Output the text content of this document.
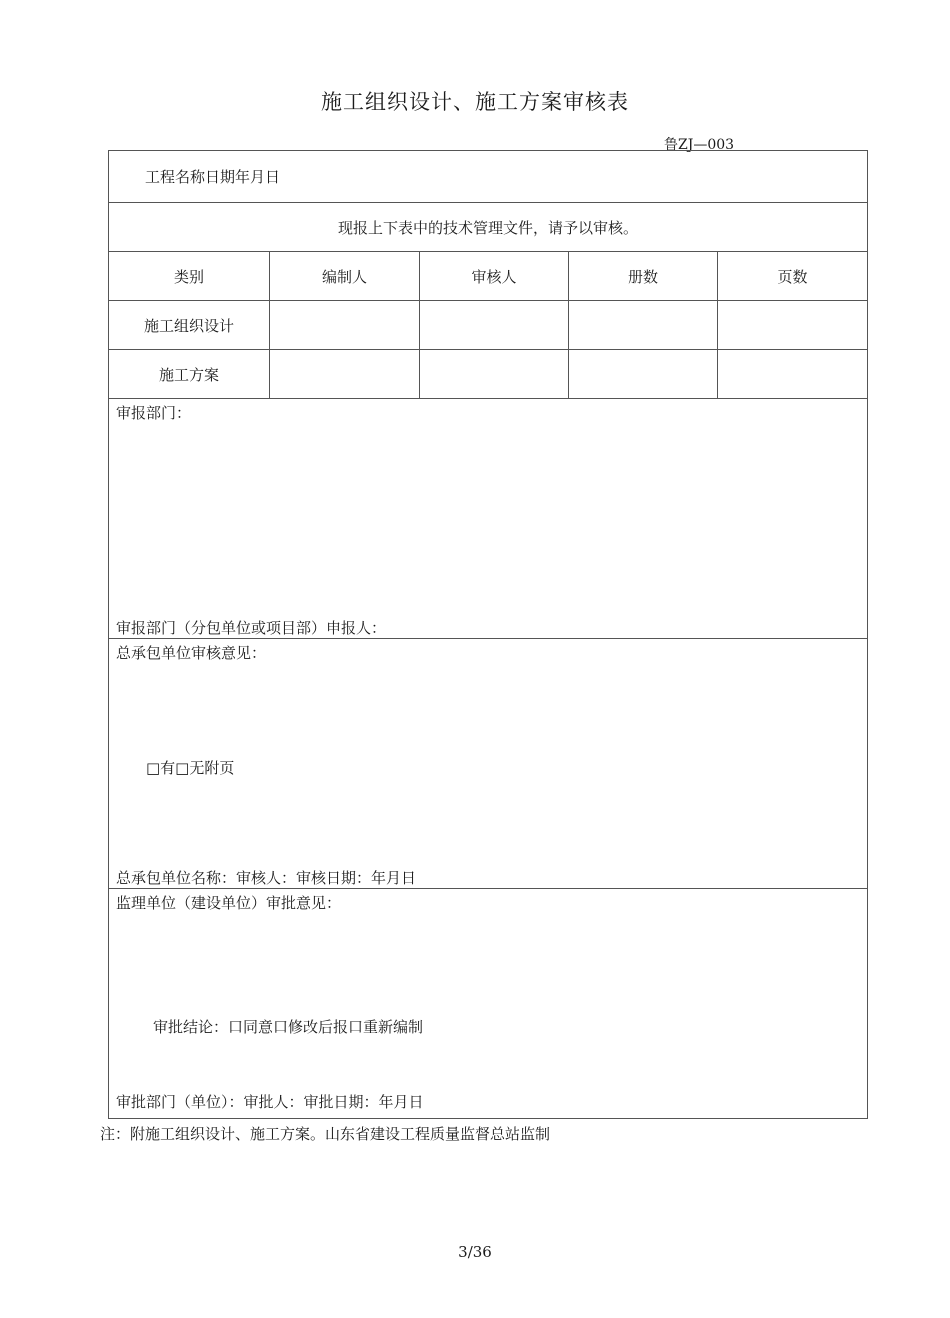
施工组织设计、施工方案审核表
鲁ZJ—003
工程名称日期年月日				
现报上下表中的技术管理文件，请予以审核。				
类别	编制人	审核人	册数	页数
施工组织设计				
施工方案				

审报部门：
审报部门（分包单位或项目部）申报人：				

总承包单位审核意见：
□有□无附页
总承包单位名称：审核人：审核日期：年月日				

监理单位（建设单位）审批意见：
审批结论：口同意口修改后报口重新编制
审批部门（单位）：审批人：审批日期：年月日				
注：附施工组织设计、施工方案。山东省建设工程质量监督总站监制
3/36
